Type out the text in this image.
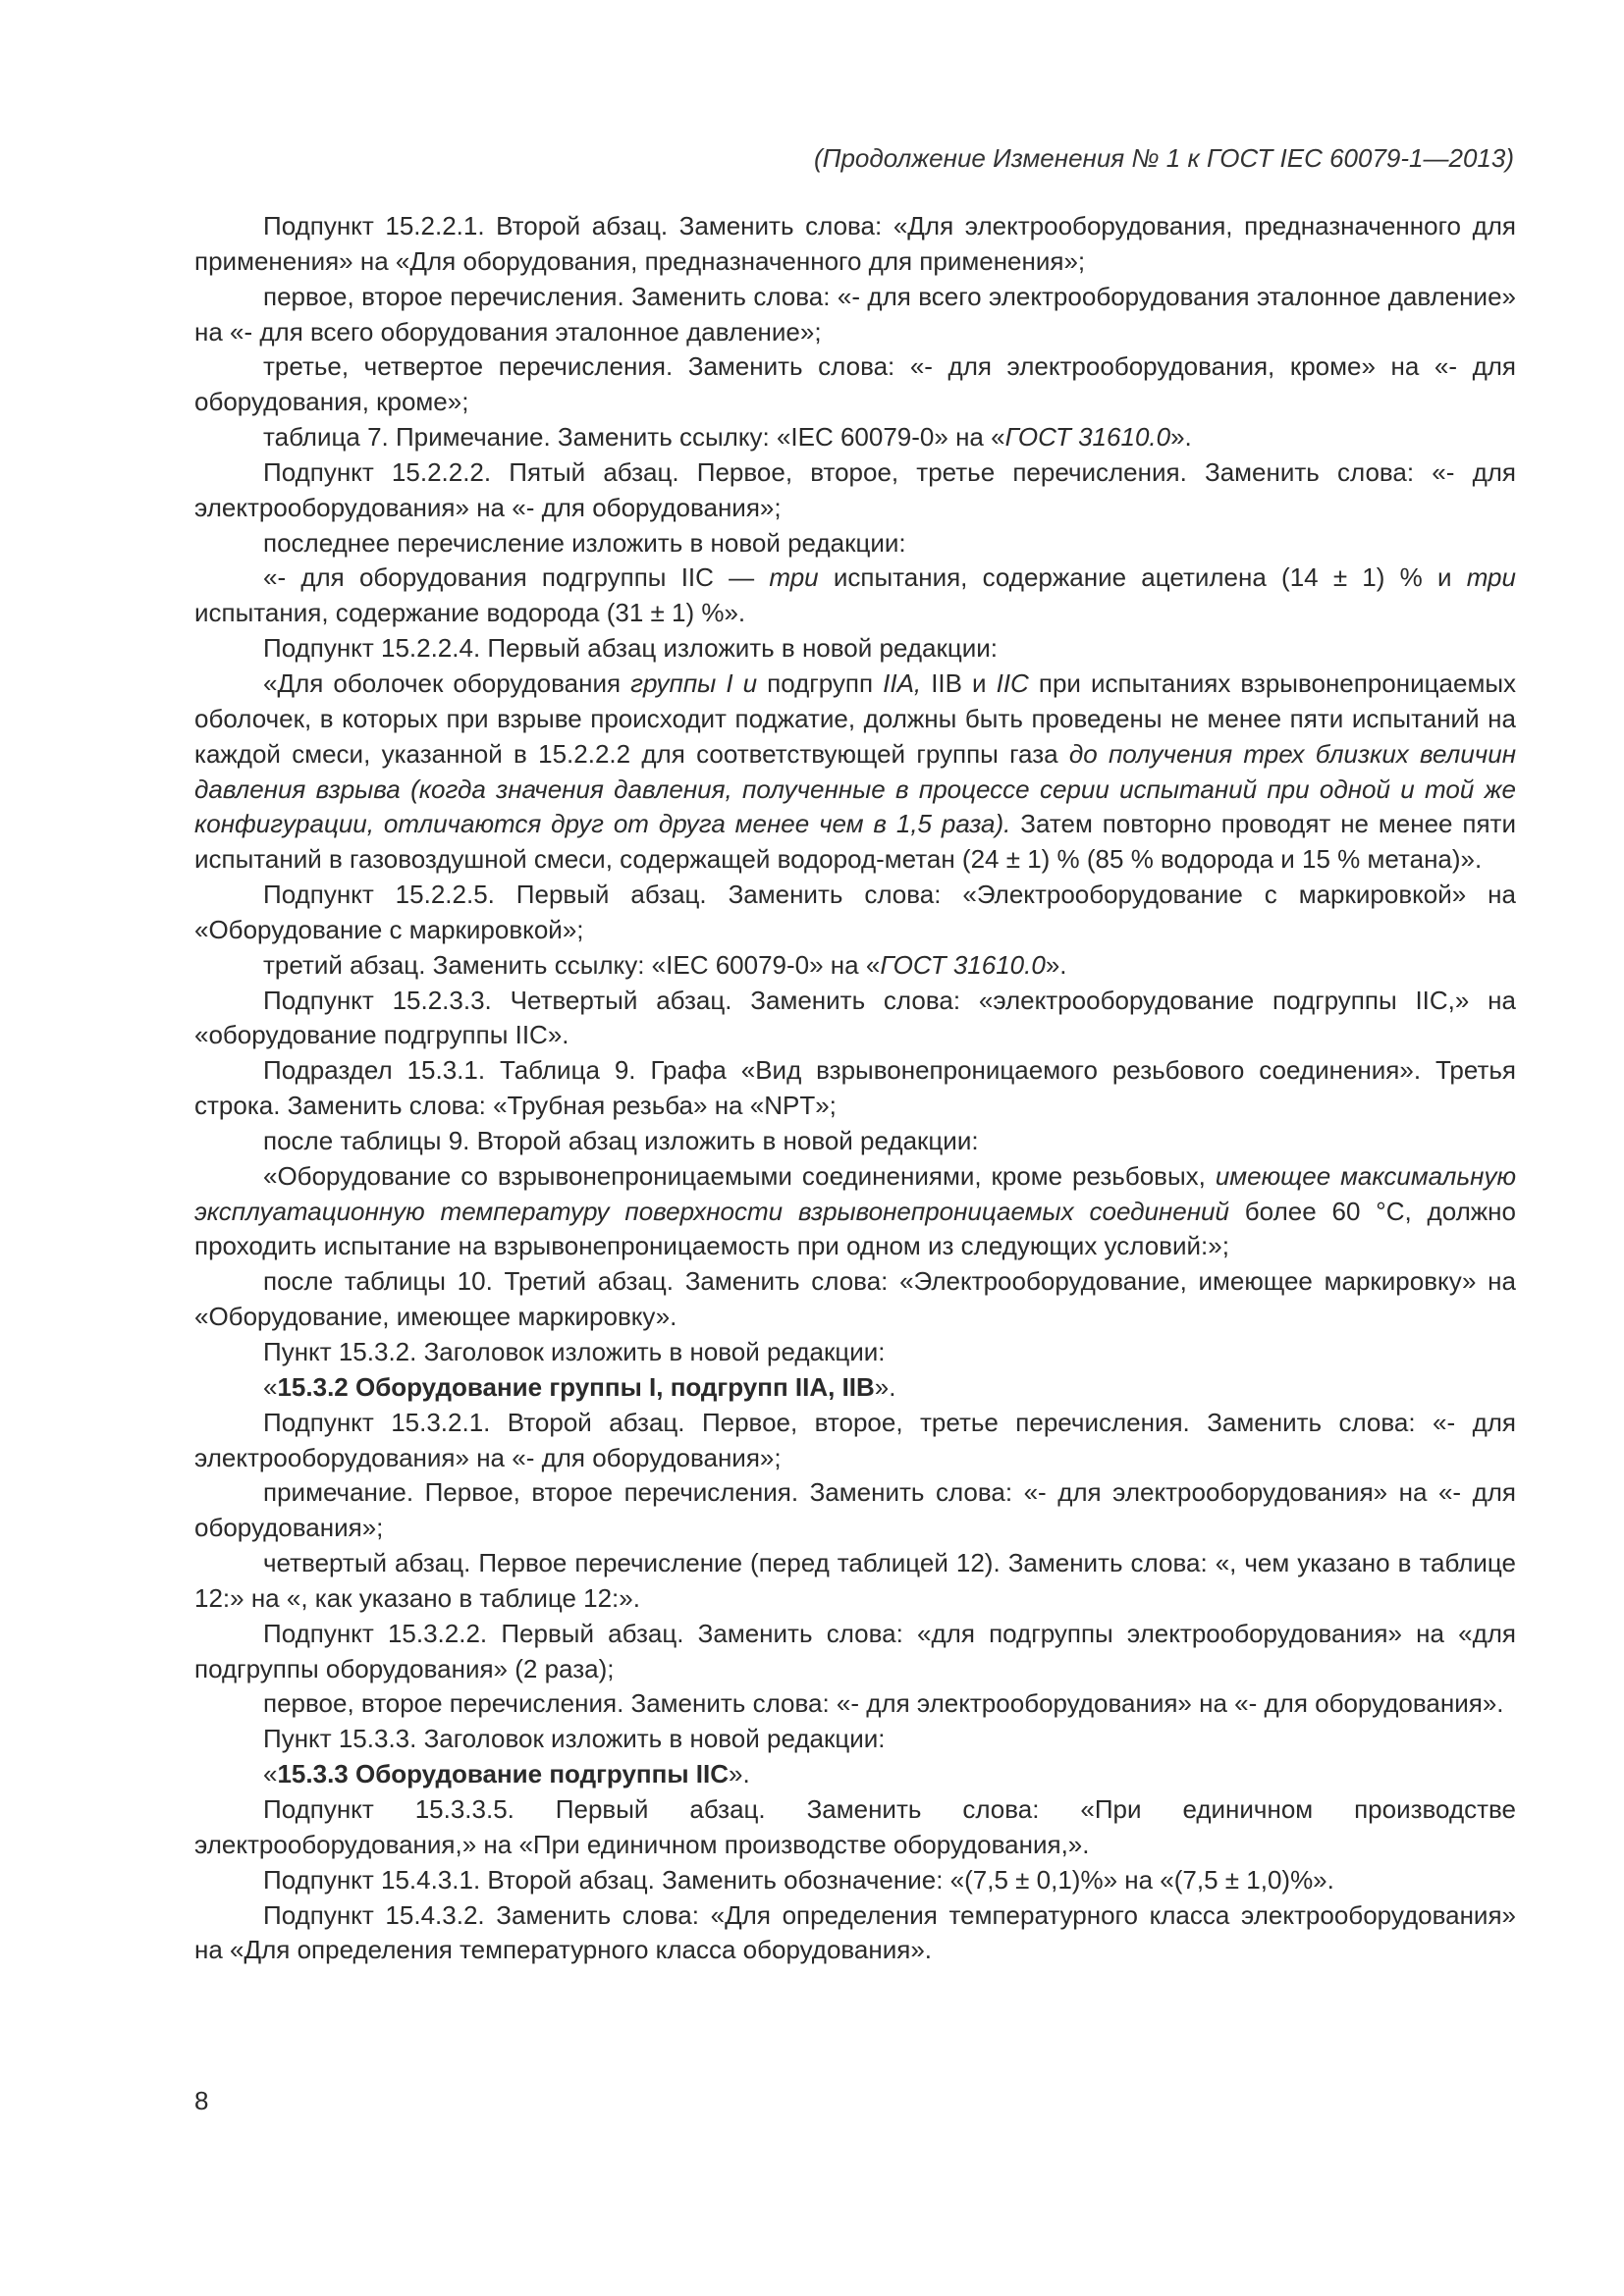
(Продолжение Изменения № 1 к ГОСТ IEC 60079-1—2013)

Подпункт 15.2.2.1. Второй абзац. Заменить слова: «Для электрооборудования, предназначенного для применения» на «Для оборудования, предназначенного для применения»;

первое, второе перечисления. Заменить слова: «- для всего электрооборудования эталонное давление» на «- для всего оборудования эталонное давление»;

третье, четвертое перечисления. Заменить слова: «- для электрооборудования, кроме» на «- для оборудования, кроме»;

таблица 7. Примечание. Заменить ссылку: «IEC 60079-0» на «ГОСТ 31610.0».

Подпункт 15.2.2.2. Пятый абзац. Первое, второе, третье перечисления. Заменить слова: «- для электрооборудования» на «- для оборудования»;

последнее перечисление изложить в новой редакции:

«- для оборудования подгруппы IIC — три испытания, содержание ацетилена (14 ± 1) % и три испытания, содержание водорода (31 ± 1) %».

Подпункт 15.2.2.4. Первый абзац изложить в новой редакции:

«Для оболочек оборудования группы I и подгрупп IIA, IIB и IIC при испытаниях взрывонепроницаемых оболочек, в которых при взрыве происходит поджатие, должны быть проведены не менее пяти испытаний на каждой смеси, указанной в 15.2.2.2 для соответствующей группы газа до получения трех близких величин давления взрыва (когда значения давления, полученные в процессе серии испытаний при одной и той же конфигурации, отличаются друг от друга менее чем в 1,5 раза). Затем повторно проводят не менее пяти испытаний в газовоздушной смеси, содержащей водород-метан (24 ± 1) % (85 % водорода и 15 % метана)».

Подпункт 15.2.2.5. Первый абзац. Заменить слова: «Электрооборудование с маркировкой» на «Оборудование с маркировкой»;

третий абзац. Заменить ссылку: «IEC 60079-0» на «ГОСТ 31610.0».

Подпункт 15.2.3.3. Четвертый абзац. Заменить слова: «электрооборудование подгруппы IIC,» на «оборудование подгруппы IIC».

Подраздел 15.3.1. Таблица 9. Графа «Вид взрывонепроницаемого резьбового соединения». Третья строка. Заменить слова: «Трубная резьба» на «NPT»;

после таблицы 9. Второй абзац изложить в новой редакции:

«Оборудование со взрывонепроницаемыми соединениями, кроме резьбовых, имеющее максимальную эксплуатационную температуру поверхности взрывонепроницаемых соединений более 60 °С, должно проходить испытание на взрывонепроницаемость при одном из следующих условий:»;

после таблицы 10. Третий абзац. Заменить слова: «Электрооборудование, имеющее маркировку» на «Оборудование, имеющее маркировку».

Пункт 15.3.2. Заголовок изложить в новой редакции:

«15.3.2 Оборудование группы I, подгрупп IIA, IIB».

Подпункт 15.3.2.1. Второй абзац. Первое, второе, третье перечисления. Заменить слова: «- для электрооборудования» на «- для оборудования»;

примечание. Первое, второе перечисления. Заменить слова: «- для электрооборудования» на «- для оборудования»;

четвертый абзац. Первое перечисление (перед таблицей 12). Заменить слова: «, чем указано в таблице 12:» на «, как указано в таблице 12:».

Подпункт 15.3.2.2. Первый абзац. Заменить слова: «для подгруппы электрооборудования» на «для подгруппы оборудования» (2 раза);

первое, второе перечисления. Заменить слова: «- для электрооборудования» на «- для оборудования».

Пункт 15.3.3. Заголовок изложить в новой редакции:

«15.3.3 Оборудование подгруппы IIC».

Подпункт 15.3.3.5. Первый абзац. Заменить слова: «При единичном производстве электрооборудования,» на «При единичном производстве оборудования,».

Подпункт 15.4.3.1. Второй абзац. Заменить обозначение: «(7,5 ± 0,1)%» на «(7,5 ± 1,0)%».

Подпункт 15.4.3.2. Заменить слова: «Для определения температурного класса электрооборудования» на «Для определения температурного класса оборудования».

8
